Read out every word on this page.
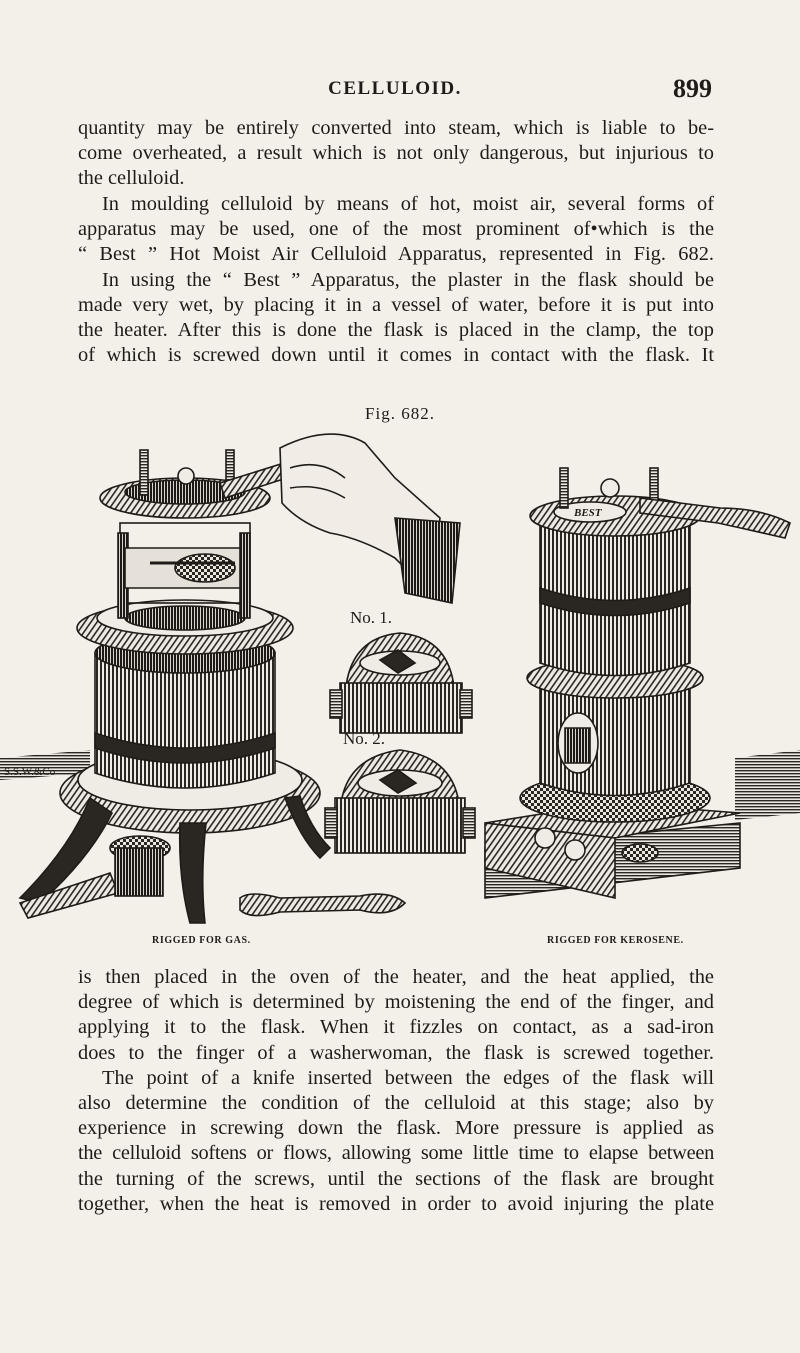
CELLULOID.	899

quantity may be entirely converted into steam, which is liable to be-
come overheated, a result which is not only dangerous, but injurious to
the celluloid.

In moulding celluloid by means of hot, moist air, several forms of
apparatus may be used, one of the most prominent of•which is the
“ Best ” Hot Moist Air Celluloid Apparatus, represented in Fig. 682.
In using the “ Best ” Apparatus, the plaster in the flask should be
made very wet, by placing it in a vessel of water, before it is put into
the heater. After this is done the flask is placed in the clamp, the top
of which is screwed down until it comes in contact with the flask. It

Fig. 682.
S.S.W.&Co
No. 1.
No. 2.
BEST
RIGGED FOR GAS.	RIGGED FOR KEROSENE.

is then placed in the oven of the heater, and the heat applied, the
degree of which is determined by moistening the end of the finger, and
applying it to the flask. When it fizzles on contact, as a sad-iron
does to the finger of a washerwoman, the flask is screwed together.
The point of a knife inserted between the edges of the flask will
also determine the condition of the celluloid at this stage; also by
experience in screwing down the flask. More pressure is applied as
the celluloid softens or flows, allowing some little time to elapse between
the turning of the screws, until the sections of the flask are brought
together, when the heat is removed in order to avoid injuring the plate
